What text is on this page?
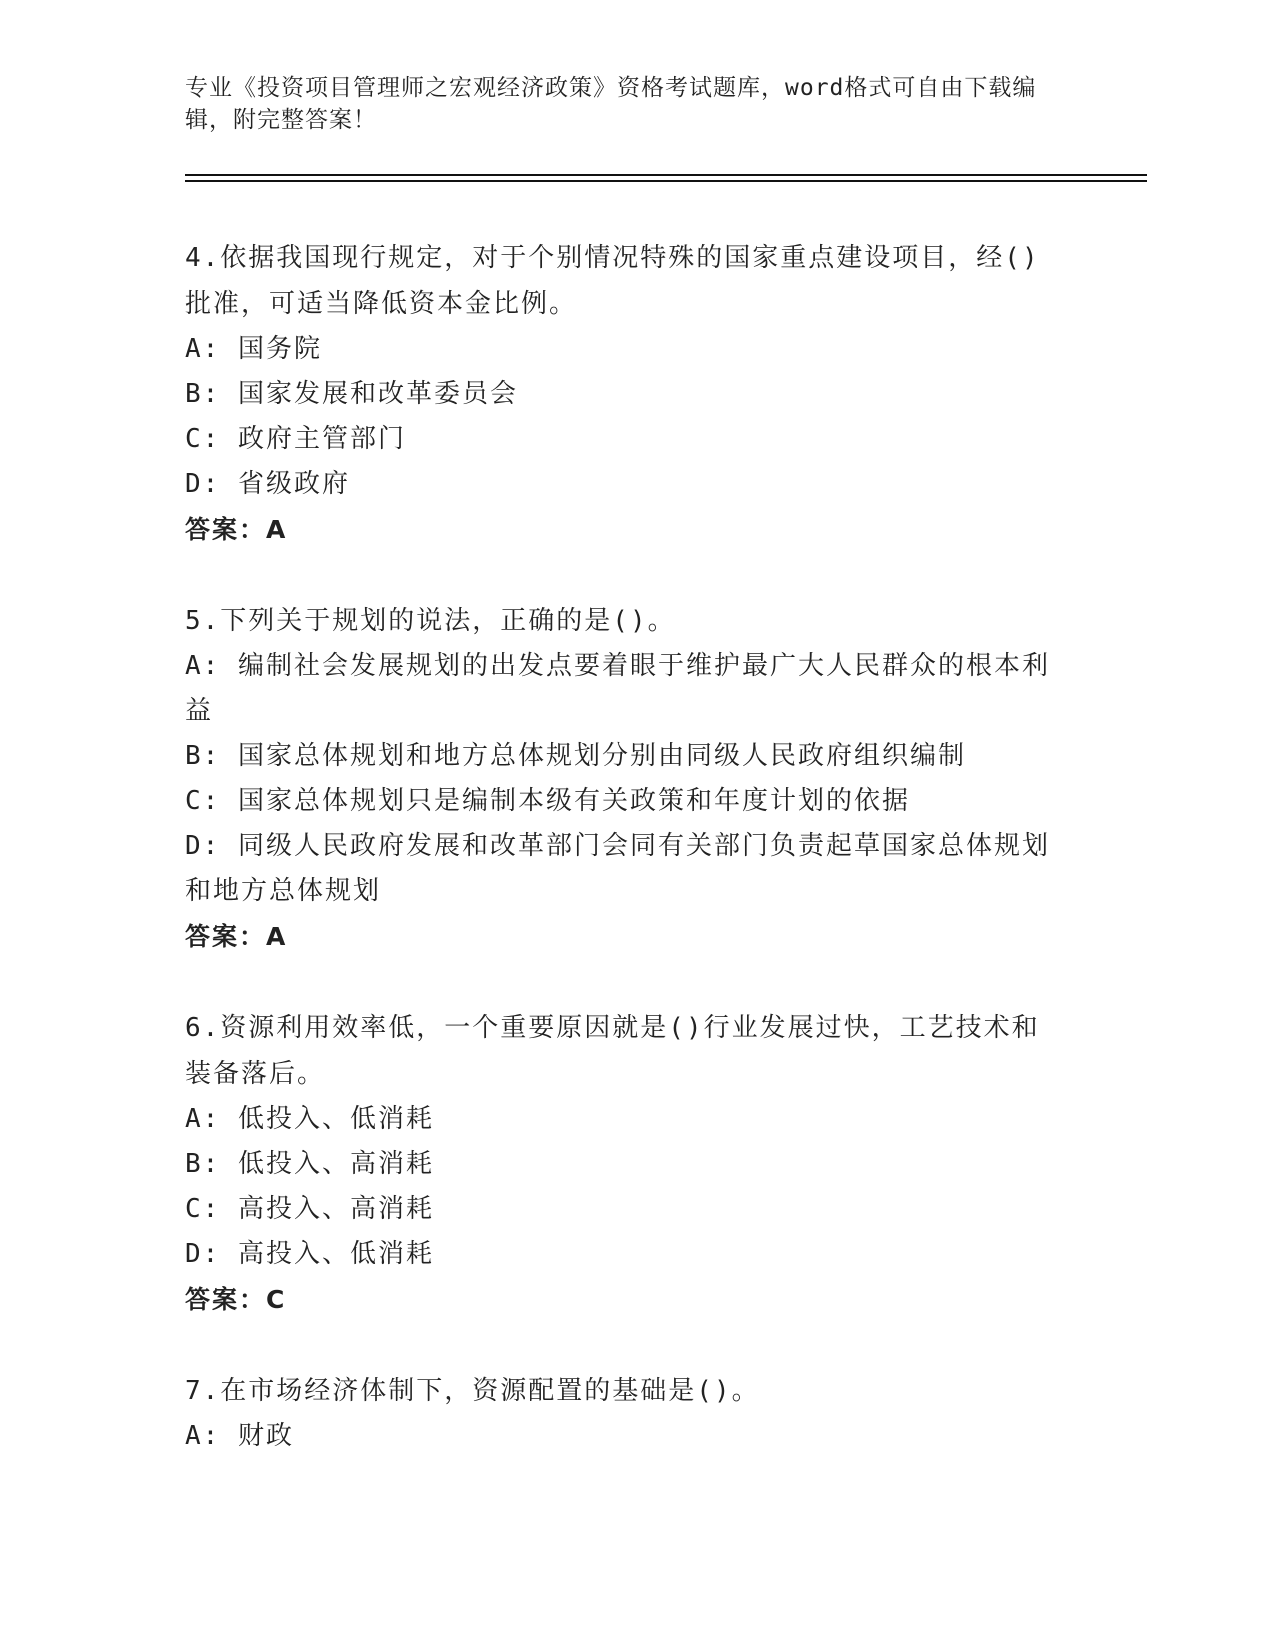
专业《投资项目管理师之宏观经济政策》资格考试题库，word格式可自由下载编辑，附完整答案！
4.依据我国现行规定，对于个别情况特殊的国家重点建设项目，经()批准，可适当降低资本金比例。
A: 国务院
B: 国家发展和改革委员会
C: 政府主管部门
D: 省级政府
答案：A
5.下列关于规划的说法，正确的是()。
A: 编制社会发展规划的出发点要着眼于维护最广大人民群众的根本利益
B: 国家总体规划和地方总体规划分别由同级人民政府组织编制
C: 国家总体规划只是编制本级有关政策和年度计划的依据
D: 同级人民政府发展和改革部门会同有关部门负责起草国家总体规划和地方总体规划
答案：A
6.资源利用效率低，一个重要原因就是()行业发展过快，工艺技术和装备落后。
A: 低投入、低消耗
B: 低投入、高消耗
C: 高投入、高消耗
D: 高投入、低消耗
答案：C
7.在市场经济体制下，资源配置的基础是()。
A: 财政
